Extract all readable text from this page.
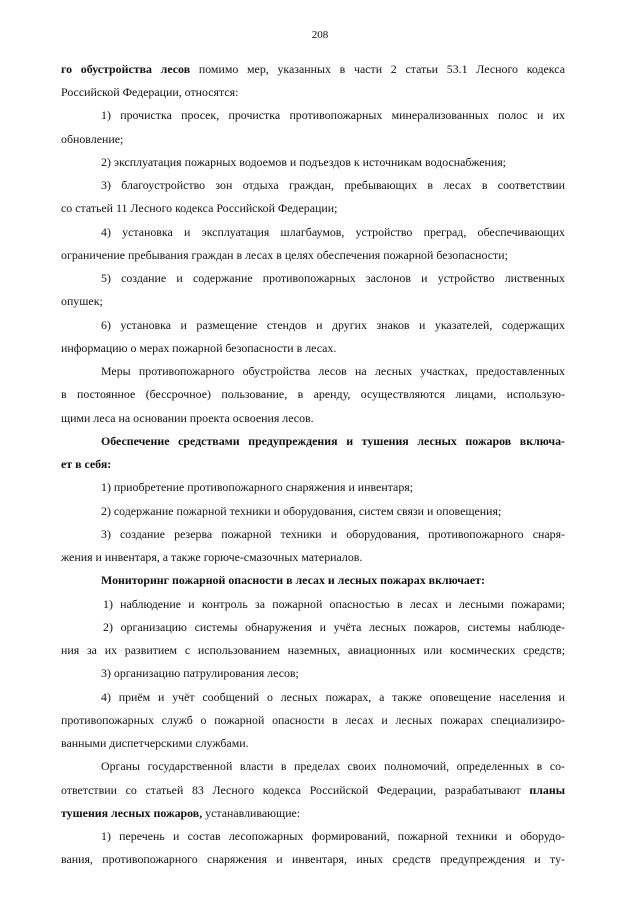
208
го обустройства лесов помимо мер, указанных в части 2 статьи 53.1 Лесного кодекса
Российской Федерации, относятся:
1) прочистка просек, прочистка противопожарных минерализованных полос и их
обновление;
2) эксплуатация пожарных водоемов и подъездов к источникам водоснабжения;
3) благоустройство зон отдыха граждан, пребывающих в лесах в соответствии
со статьей 11 Лесного кодекса Российской Федерации;
4) установка и эксплуатация шлагбаумов, устройство преград, обеспечивающих
ограничение пребывания граждан в лесах в целях обеспечения пожарной безопасности;
5) создание и содержание противопожарных заслонов и устройство лиственных
опушек;
6) установка и размещение стендов и других знаков и указателей, содержащих
информацию о мерах пожарной безопасности в лесах.
Меры противопожарного обустройства лесов на лесных участках, предоставленных
в постоянное (бессрочное) пользование, в аренду, осуществляются лицами, использую-
щими леса на основании проекта освоения лесов.
Обеспечение средствами предупреждения и тушения лесных пожаров включа-
ет в себя:
1) приобретение противопожарного снаряжения и инвентаря;
2) содержание пожарной техники и оборудования, систем связи и оповещения;
3) создание резерва пожарной техники и оборудования, противопожарного снаря-
жения и инвентаря, а также горюче-смазочных материалов.
Мониторинг пожарной опасности в лесах и лесных пожарах включает:
1) наблюдение и контроль за пожарной опасностью в лесах и лесными пожарами;
2) организацию системы обнаружения и учёта лесных пожаров, системы наблюде-
ния за их развитием с использованием наземных, авиационных или космических средств;
3) организацию патрулирования лесов;
4) приём и учёт сообщений о лесных пожарах, а также оповещение населения и
противопожарных служб о пожарной опасности в лесах и лесных пожарах специализиро-
ванными диспетчерскими службами.
Органы государственной власти в пределах своих полномочий, определенных в со-
ответствии со статьей 83 Лесного кодекса Российской Федерации, разрабатывают планы
тушения лесных пожаров, устанавливающие:
1) перечень и состав лесопожарных формирований, пожарной техники и оборудо-
вания, противопожарного снаряжения и инвентаря, иных средств предупреждения и ту-
